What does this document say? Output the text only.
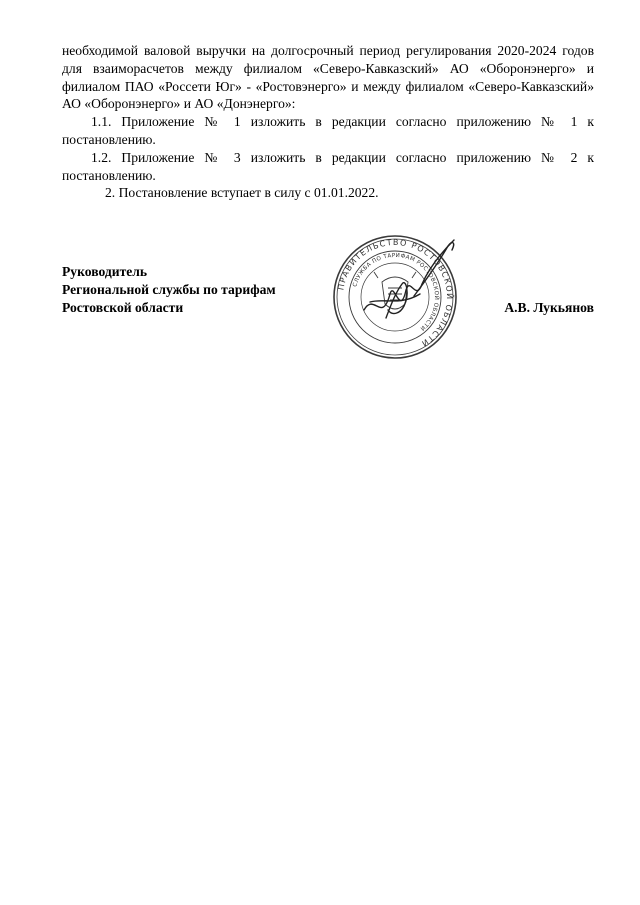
необходимой валовой выручки на долгосрочный период регулирования 2020-2024 годов для взаиморасчетов между филиалом «Северо-Кавказский» АО «Оборонэнерго» и филиалом ПАО «Россети Юг» - «Ростовэнерго» и между филиалом «Северо-Кавказский» АО «Оборонэнерго» и АО «Донэнерго»:

1.1. Приложение № 1 изложить в редакции согласно приложению № 1 к постановлению.

1.2. Приложение № 3 изложить в редакции согласно приложению № 2 к постановлению.

2. Постановление вступает в силу с 01.01.2022.

ПРАВИТЕЛЬСТВО РОСТОВСКОЙ ОБЛАСТИ
СЛУЖБА ПО ТАРИФАМ РОСТОВСКОЙ ОБЛАСТИ
Руководитель
Региональной службы по тарифам
Ростовской области	А.В. Лукьянов
